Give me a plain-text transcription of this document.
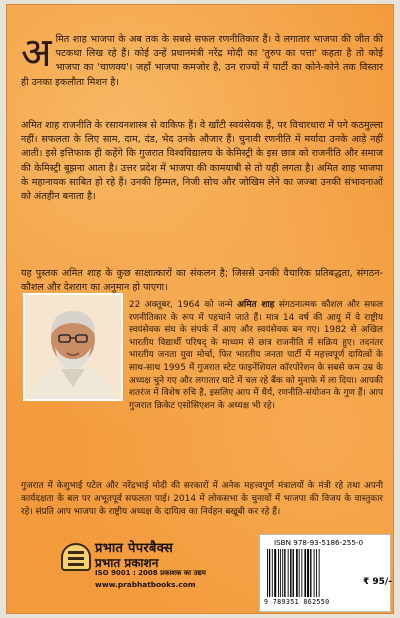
अमित शाह भाजपा के अब तक के सबसे सफल रणनीतिकार हैं। वे लगातार भाजपा की जीत की पटकथा लिख रहे हैं। कोई उन्हें प्रधानमंत्री नरेंद्र मोदी का 'तुरुप का पत्ता' कहता है तो कोई भाजपा का 'चाणक्य'। जहाँ भाजपा कमजोर है, उन राज्यों में पार्टी का कोने-कोने तक विस्तार ही उनका इकलौता मिशन है।
अमित शाह राजनीति के रसायनशास्त्र से वाकिफ हैं। वे खाँटी स्वयंसेवक हैं, पर विचारधारा में पगे कठमुल्ला नहीं। सफलता के लिए साम, दाम, दंड, भेद उनके औजार हैं। चुनावी रणनीति में मर्यादा उनके आड़े नहीं आती। इसे इत्तिफाक ही कहेंगे कि गुजरात विश्वविद्यालय के केमिस्ट्री के इस छात्र को राजनीति और समाज की केमिस्ट्री बूझना आता है। उत्तर प्रदेश में भाजपा की कामयाबी से तो यही लगता है। अमित शाह भाजपा के महानायक साबित हो रहे हैं। उनकी हिम्मत, निजी सोच और जोखिम लेने का जज्बा उनकी संभावनाओं को अंतहीन बनाता है।
यह पुस्तक अमित शाह के कुछ साक्षात्कारों का संकलन है; जिससे उनकी वैचारिक प्रतिबद्धता, संगठन-कौशल और देशराग का अनुमान हो पाएगा।
22 अक्तूबर, 1964 को जन्मे अमित शाह संगठनात्मक कौशल और सफल रणनीतिकार के रूप में पहचाने जाते हैं। मात्र 14 वर्ष की आयु में वे राष्ट्रीय स्वयंसेवक संघ के संपर्क में आए और स्वयंसेवक बन गए। 1982 से अखिल भारतीय विद्यार्थी परिषद् के माध्यम से छात्र राजनीति में सक्रिय हुए। तदनंतर भारतीय जनता युवा मोर्चा, फिर भारतीय जनता पार्टी में महत्त्वपूर्ण दायित्वों के साथ-साथ 1995 में गुजरात स्टेट फाइनेंशियल कॉरपोरेशन के सबसे कम उम्र के अध्यक्ष चुने गए और लगातार घाटे में चल रहे बैंक को मुनाफे में ला दिया। आपकी शतरंज में विशेष रुचि है, इसलिए आप में धैर्य, रणनीति-संयोजन के गुण हैं। आप गुजरात क्रिकेट एसोसिएशन के अध्यक्ष भी रहे।
गुजरात में केशुभाई पटेल और नरेंद्रभाई मोदी की सरकारों में अनेक महत्त्वपूर्ण मंत्रालयों के मंत्री रहे तथा अपनी कार्यदक्षता के बल पर अभूतपूर्व सफलता पाई। 2014 में लोकसभा के चुनावों में भाजपा की विजय के वास्तुकार रहे। संप्रति आप भाजपा के राष्ट्रीय अध्यक्ष के दायित्व का निर्वहन बखूबी कर रहे हैं।
प्रभात पेपरबैक्स
प्रभात प्रकाशन
ISO 9001 : 2008 प्रकाशक का उद्यम
www.prabhatbooks.com
ISBN 978-93-5186-255-0
9 789351 862550
₹ 95/-
